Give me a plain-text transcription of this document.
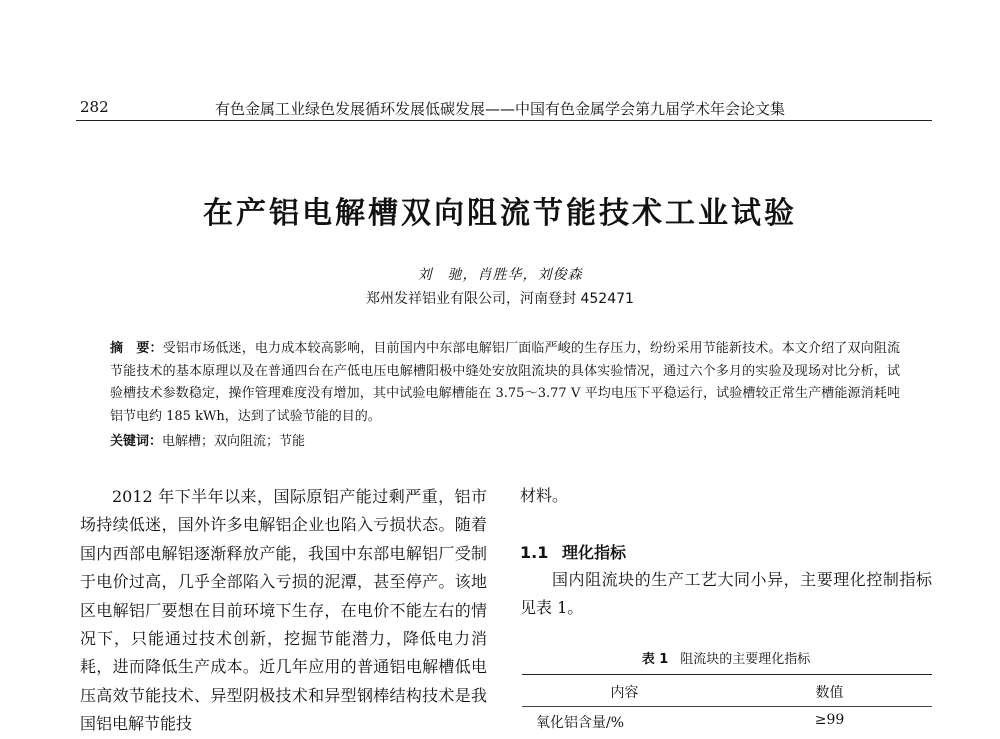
282	有色金属工业绿色发展循环发展低碳发展——中国有色金属学会第九届学术年会论文集
在产铝电解槽双向阻流节能技术工业试验
刘　驰，肖胜华，刘俊森
郑州发祥铝业有限公司，河南登封 452471
摘　要：受铝市场低迷，电力成本较高影响，目前国内中东部电解铝厂面临严峻的生存压力，纷纷采用节能新技术。本文介绍了双向阻流节能技术的基本原理以及在普通四台在产低电压电解槽阳极中缝处安放阻流块的具体实验情况，通过六个多月的实验及现场对比分析，试验槽技术参数稳定，操作管理难度没有增加，其中试验电解槽能在 3.75～3.77 V 平均电压下平稳运行，试验槽较正常生产槽能源消耗吨铝节电约 185 kWh，达到了试验节能的目的。
关键词：电解槽；双向阻流；节能
2012 年下半年以来，国际原铝产能过剩严重，铝市场持续低迷，国外许多电解铝企业也陷入亏损状态。随着国内西部电解铝逐渐释放产能，我国中东部电解铝厂受制于电价过高，几乎全部陷入亏损的泥潭，甚至停产。该地区电解铝厂要想在目前环境下生存，在电价不能左右的情况下，只能通过技术创新，挖掘节能潜力，降低电力消耗，进而降低生产成本。近几年应用的普通铝电解槽低电压高效节能技术、异型阴极技术和异型钢棒结构技术是我国铝电解节能技
材料。
1.1 理化指标
国内阻流块的生产工艺大同小异，主要理化控制指标见表 1。
表 1 阻流块的主要理化指标
内容	数值
氧化铝含量/%	≥99
